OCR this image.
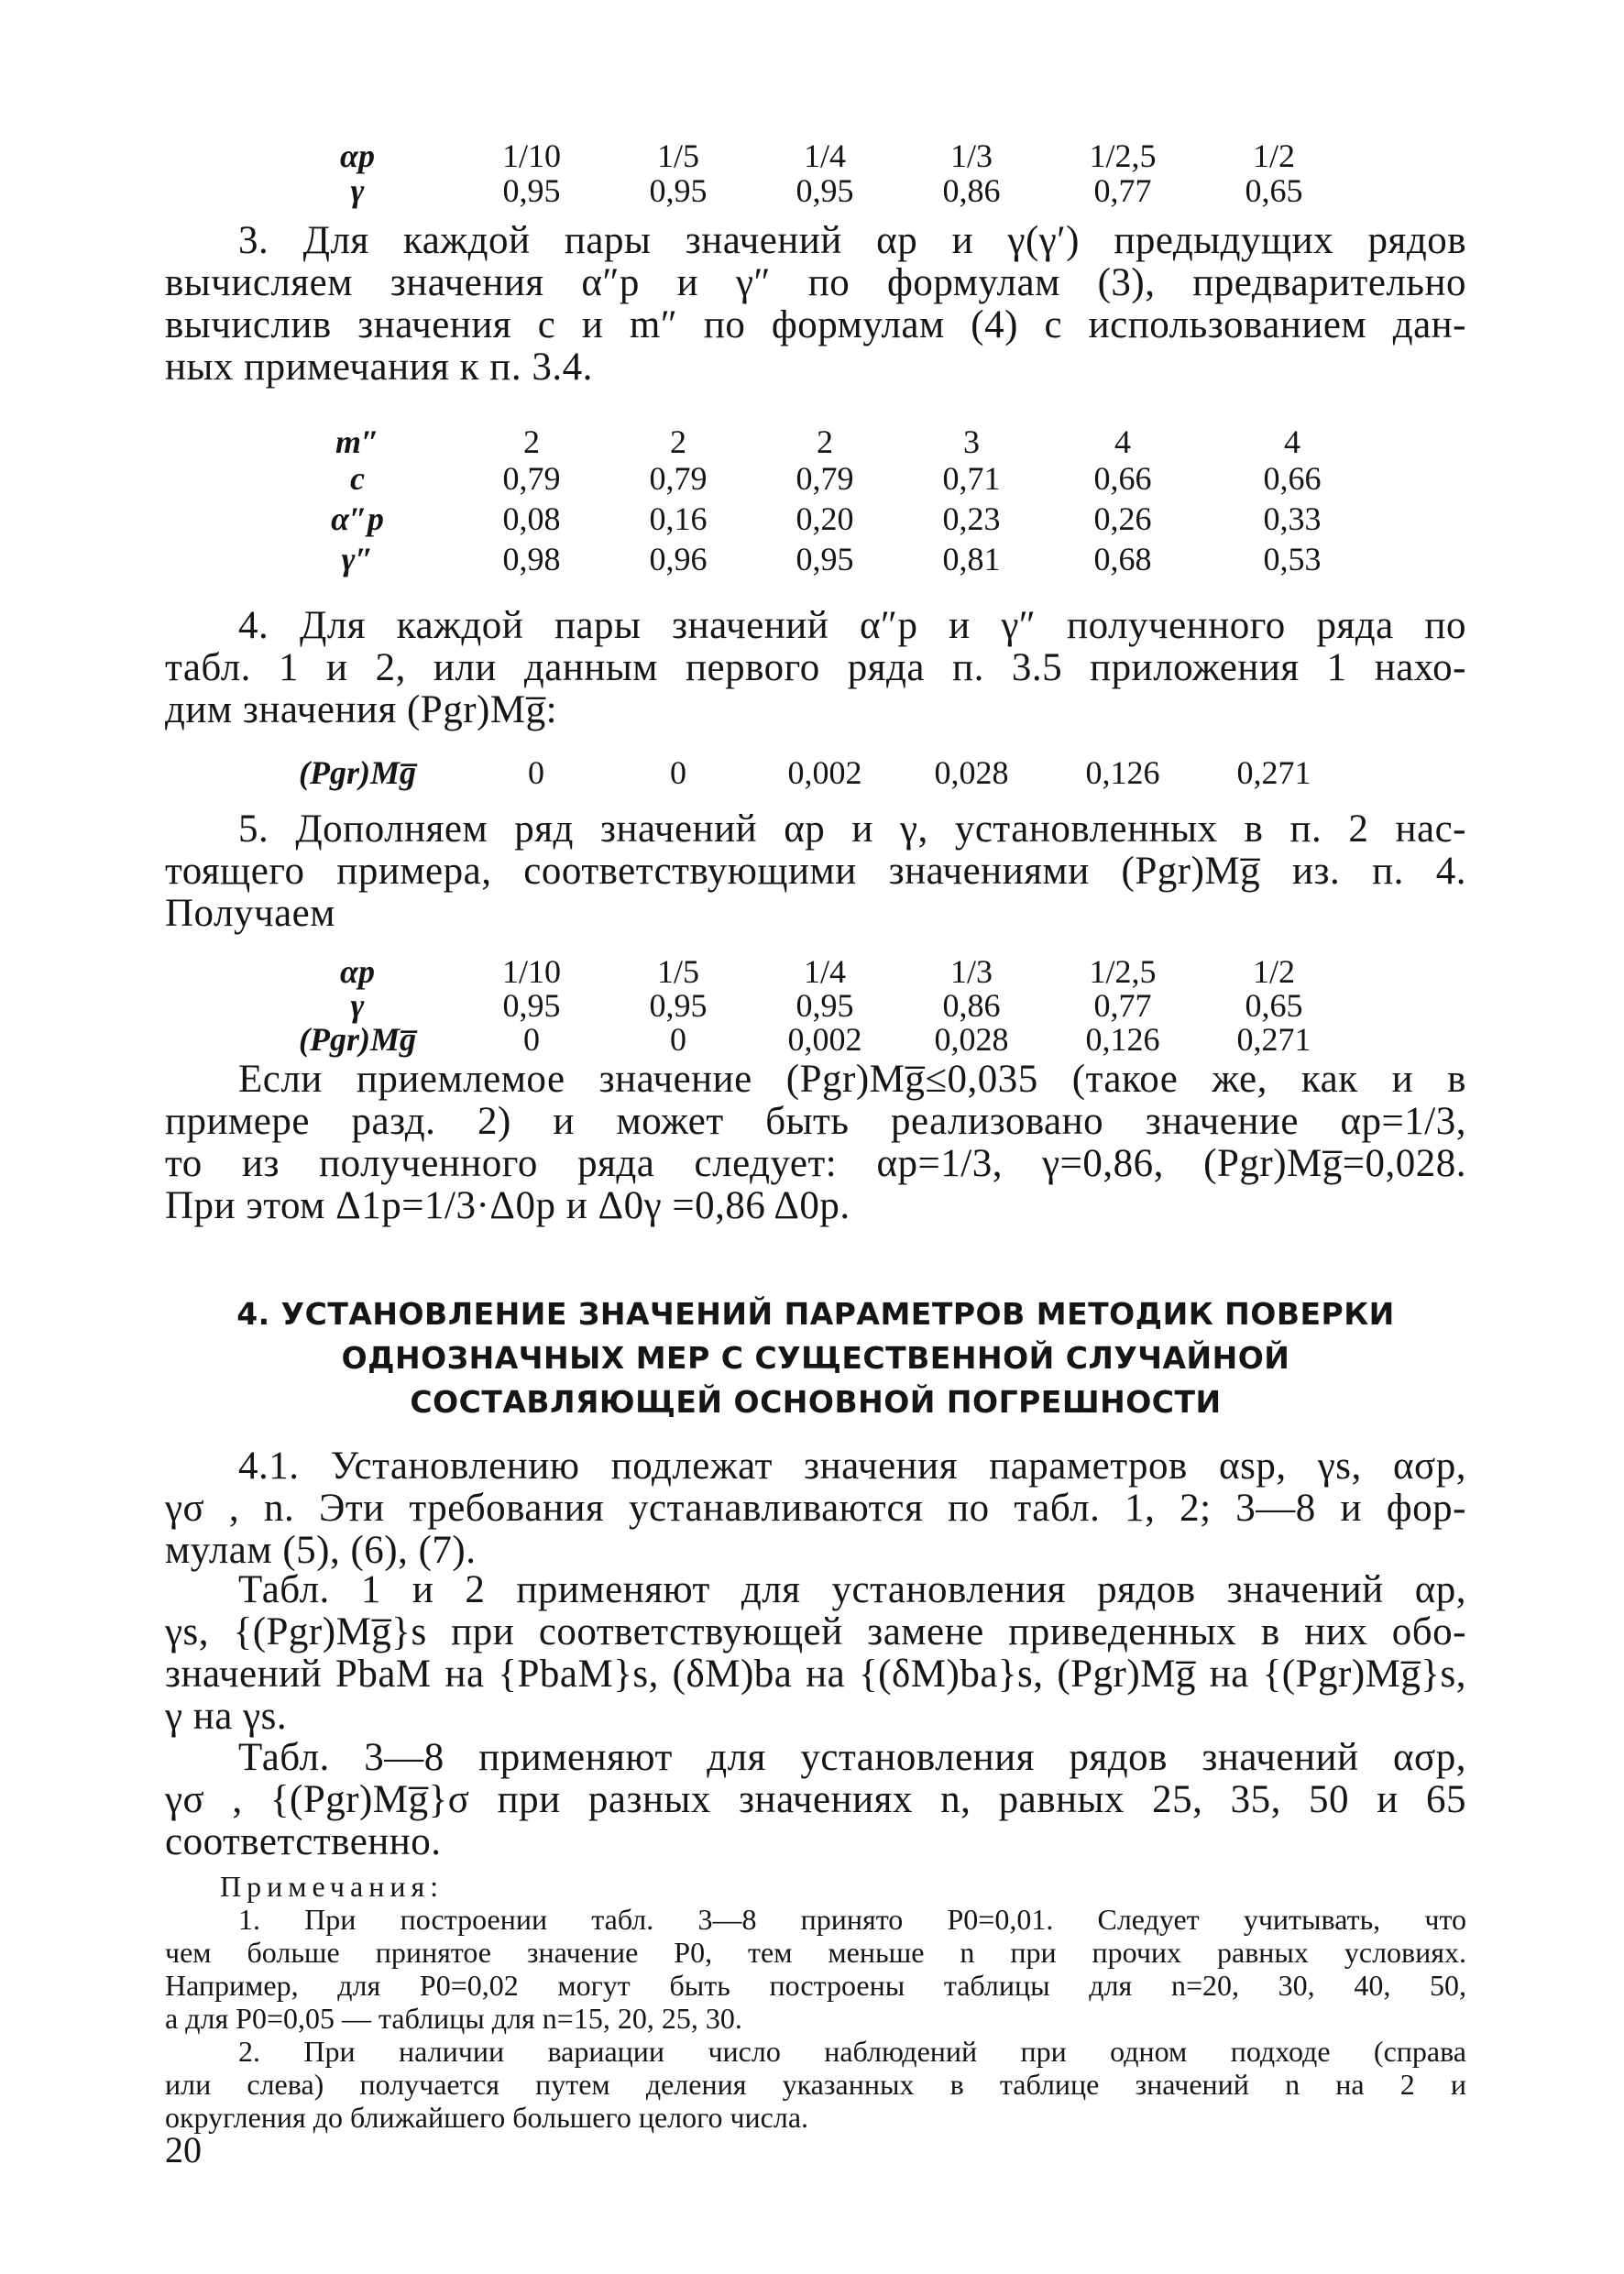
αp	1/10	1/5	1/4	1/3	1/2,5	1/2
γ	0,95	0,95	0,95	0,86	0,77	0,65
3. Для каждой пары значений αp и γ(γ′) предыдущих рядов
вычисляем значения α″p и γ″ по формулам (3), предварительно
вычислив значения c и m″ по формулам (4) с использованием дан-
ных примечания к п. 3.4.
m″	2	2	2	3	4	4
c	0,79	0,79	0,79	0,71	0,66	0,66
α″p	0,08	0,16	0,20	0,23	0,26	0,33
γ″	0,98	0,96	0,95	0,81	0,68	0,53
4. Для каждой пары значений α″p и γ″ полученного ряда по
табл. 1 и 2, или данным первого ряда п. 3.5 приложения 1 нахо-
дим значения (Pgr)Mg̅:
(Pgr)Mg̅	0	0	0,002	0,028	0,126	0,271
5. Дополняем ряд значений αp и γ, установленных в п. 2 нас-
тоящего примера, соответствующими значениями (Pgr)Mg̅ из. п. 4.
Получаем
αp	1/10	1/5	1/4	1/3	1/2,5	1/2
γ	0,95	0,95	0,95	0,86	0,77	0,65
(Pgr)Mg̅	0	0	0,002	0,028	0,126	0,271
Если приемлемое значение (Pgr)Mg̅≤0,035 (такое же, как и в
примере разд. 2) и может быть реализовано значение αp=1/3,
то из полученного ряда следует: αp=1/3, γ=0,86, (Pgr)Mg̅=0,028.
При этом Δ1p=1/3·Δ0p и Δ0γ =0,86 Δ0p.
4. УСТАНОВЛЕНИЕ ЗНАЧЕНИЙ ПАРАМЕТРОВ МЕТОДИК ПОВЕРКИ
ОДНОЗНАЧНЫХ МЕР С СУЩЕСТВЕННОЙ СЛУЧАЙНОЙ
СОСТАВЛЯЮЩЕЙ ОСНОВНОЙ ПОГРЕШНОСТИ
4.1. Установлению подлежат значения параметров αsp, γs, ασp,
γσ , n. Эти требования устанавливаются по табл. 1, 2; 3—8 и фор-
мулам (5), (6), (7).
Табл. 1 и 2 применяют для установления рядов значений αp,
γs, {(Pgr)Mg̅}s при соответствующей замене приведенных в них обо-
значений PbaM на {PbaM}s, (δM)ba на {(δM)ba}s, (Pgr)Mg̅ на {(Pgr)Mg̅}s,
γ на γs.
Табл. 3—8 применяют для установления рядов значений ασp,
γσ , {(Pgr)Mg̅}σ при разных значениях n, равных 25, 35, 50 и 65
соответственно.
Примечания:
1. При построении табл. 3—8 принято P0=0,01. Следует учитывать, что
чем больше принятое значение P0, тем меньше n при прочих равных условиях.
Например, для P0=0,02 могут быть построены таблицы для n=20, 30, 40, 50,
а для P0=0,05 — таблицы для n=15, 20, 25, 30.
2. При наличии вариации число наблюдений при одном подходе (справа
или слева) получается путем деления указанных в таблице значений n на 2 и
округления до ближайшего большего целого числа.
20
